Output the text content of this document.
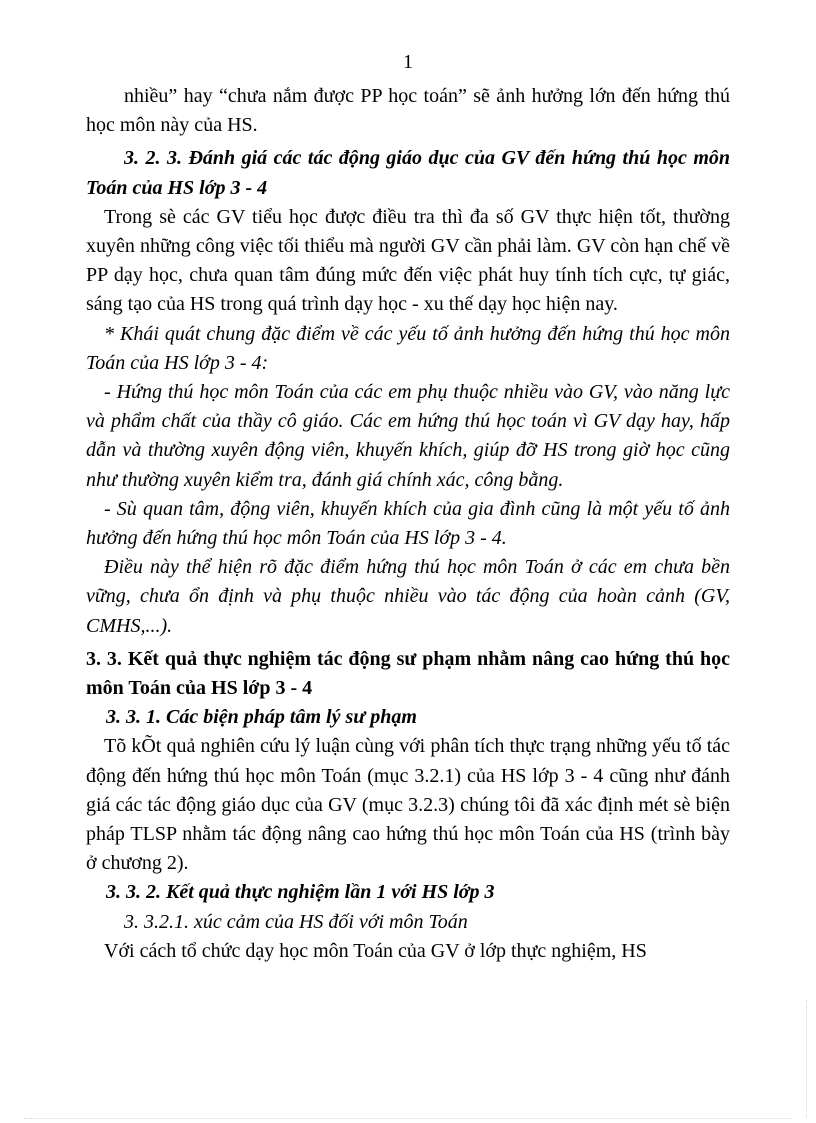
1

nhiều” hay “chưa nắm được PP học toán” sẽ ảnh hưởng lớn đến hứng thú học môn này của HS.

3. 2. 3. Đánh giá các tác động giáo dục của GV đến hứng thú học môn Toán của HS lớp 3 - 4

Trong sè các GV tiểu học được điều tra thì đa số GV thực hiện tốt, thường xuyên những công việc tối thiểu mà người GV cần phải làm. GV còn hạn chế về PP dạy học, chưa quan tâm đúng mức đến việc phát huy tính tích cực, tự giác, sáng tạo của HS trong quá trình dạy học - xu thế dạy học hiện nay.

* Khái quát chung đặc điểm về các yếu tố ảnh hưởng đến hứng thú học môn Toán của HS lớp 3 - 4:

- Hứng thú học môn Toán của các em phụ thuộc nhiều vào GV, vào năng lực và phẩm chất của thầy cô giáo. Các em hứng thú học toán vì GV dạy hay, hấp dẫn và thường xuyên động viên, khuyến khích, giúp đỡ HS trong giờ học cũng như thường xuyên kiểm tra, đánh giá chính xác, công bằng.

- Sù quan tâm, động viên, khuyến khích của gia đình cũng là một yếu tố ảnh hưởng đến hứng thú học môn Toán của HS lớp 3 - 4.

Điều này thể hiện rõ đặc điểm hứng thú học môn Toán ở các em chưa bền vững, chưa ổn định và phụ thuộc nhiều vào tác động của hoàn cảnh (GV, CMHS,...).

3. 3. Kết quả thực nghiệm tác động sư phạm nhằm nâng cao hứng thú học môn Toán của HS lớp 3 - 4

3. 3. 1. Các biện pháp tâm lý sư phạm

Tõ kÕt quả nghiên cứu lý luận cùng với phân tích thực trạng những yếu tố tác động đến hứng thú học môn Toán (mục 3.2.1) của HS lớp 3 - 4 cũng như đánh giá các tác động giáo dục của GV (mục 3.2.3) chúng tôi đã xác định mét sè biện pháp TLSP nhằm tác động nâng cao hứng thú học môn Toán của HS (trình bày ở chương 2).

3. 3. 2. Kết quả thực nghiệm lần 1 với HS lớp 3

3. 3.2.1. xúc cảm của HS đối với môn Toán

Với cách tổ chức dạy học môn Toán của GV ở lớp thực nghiệm, HS
